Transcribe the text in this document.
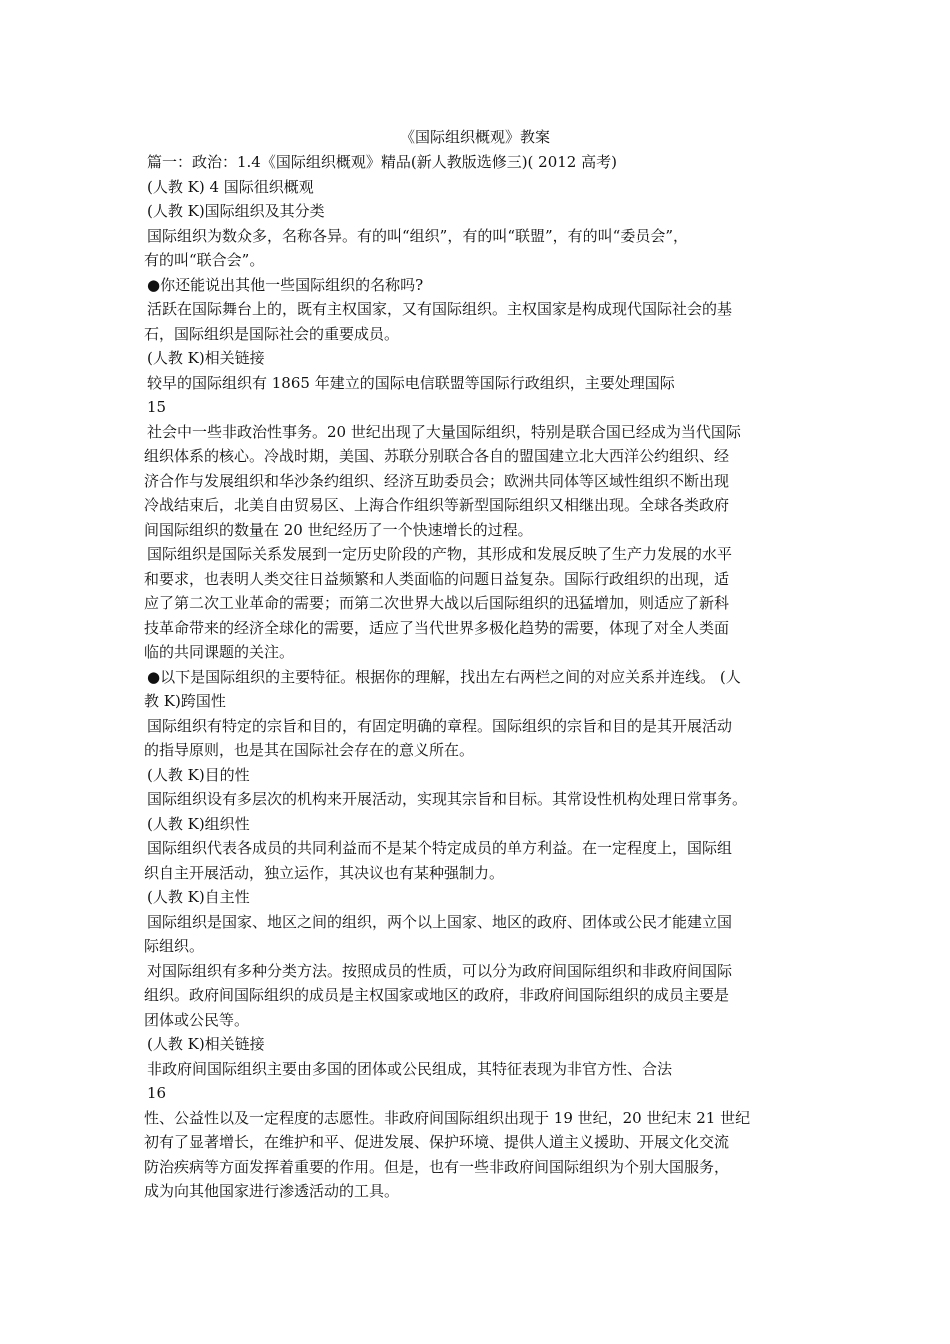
《国际组织概观》教案
篇一：政治：1.4《国际组织概观》精品(新人教版选修三)( 2012 高考)
(人教 K) 4 国际徂织概观
(人教 K)国际组织及其分类
国际组织为数众多，名称各异。有的叫“组织”，有的叫“联盟”，有的叫“委员会”，
有的叫“联合会”。
●你还能说出其他一些国际组织的名称吗?
活跃在国际舞台上的，既有主权国家，又有国际组织。主权国家是构成现代国际社会的基
石，国际组织是国际社会的重要成员。
(人教 K)相关链接
较早的国际组织有 1865 年建立的国际电信联盟等国际行政组织，主要处理国际
15
社会中一些非政治性事务。20 世纪出现了大量国际组织，特别是联合国已经成为当代国际
组织体系的核心。冷战时期，美国、苏联分别联合各自的盟国建立北大西洋公约组织、经
济合作与发展组织和华沙条约组织、经济互助委员会；欧洲共同体等区域性组织不断出现
冷战结束后，北美自由贸易区、上海合作组织等新型国际组织又相继出现。全球各类政府
间国际组织的数量在 20 世纪经历了一个快速增长的过程。
国际组织是国际关系发展到一定历史阶段的产物，其形成和发展反映了生产力发展的水平
和要求，也表明人类交往日益频繁和人类面临的问题日益复杂。国际行政组织的出现，适
应了第二次工业革命的需要；而第二次世界大战以后国际组织的迅猛增加，则适应了新科
技革命带来的经济全球化的需要，适应了当代世界多极化趋势的需要，体现了对全人类面
临的共同课题的关注。
●以下是国际组织的主要特征。根据你的理解，找出左右两栏之间的对应关系并连线。 (人
教 K)跨国性
国际组织有特定的宗旨和目的，有固定明确的章程。国际组织的宗旨和目的是其开展活动
的指导原则，也是其在国际社会存在的意义所在。
(人教 K)目的性
国际组织设有多层次的机构来开展活动，实现其宗旨和目标。其常设性机构处理日常事务。
(人教 K)组织性
国际组织代表各成员的共同利益而不是某个特定成员的单方利益。在一定程度上，国际组
织自主开展活动，独立运作，其决议也有某种强制力。
(人教 K)自主性
国际组织是国家、地区之间的组织，两个以上国家、地区的政府、团体或公民才能建立国
际组织。
对国际组织有多种分类方法。按照成员的性质，可以分为政府间国际组织和非政府间国际
组织。政府间国际组织的成员是主权国家或地区的政府，非政府间国际组织的成员主要是
团体或公民等。
(人教 K)相关链接
非政府间国际组织主要由多国的团体或公民组成，其特征表现为非官方性、合法
16
性、公益性以及一定程度的志愿性。非政府间国际组织出现于 19 世纪，20 世纪末 21 世纪
初有了显著增长，在维护和平、促进发展、保护环境、提供人道主义援助、开展文化交流
防治疾病等方面发挥着重要的作用。但是，也有一些非政府间国际组织为个别大国服务，
成为向其他国家进行渗透活动的工具。
